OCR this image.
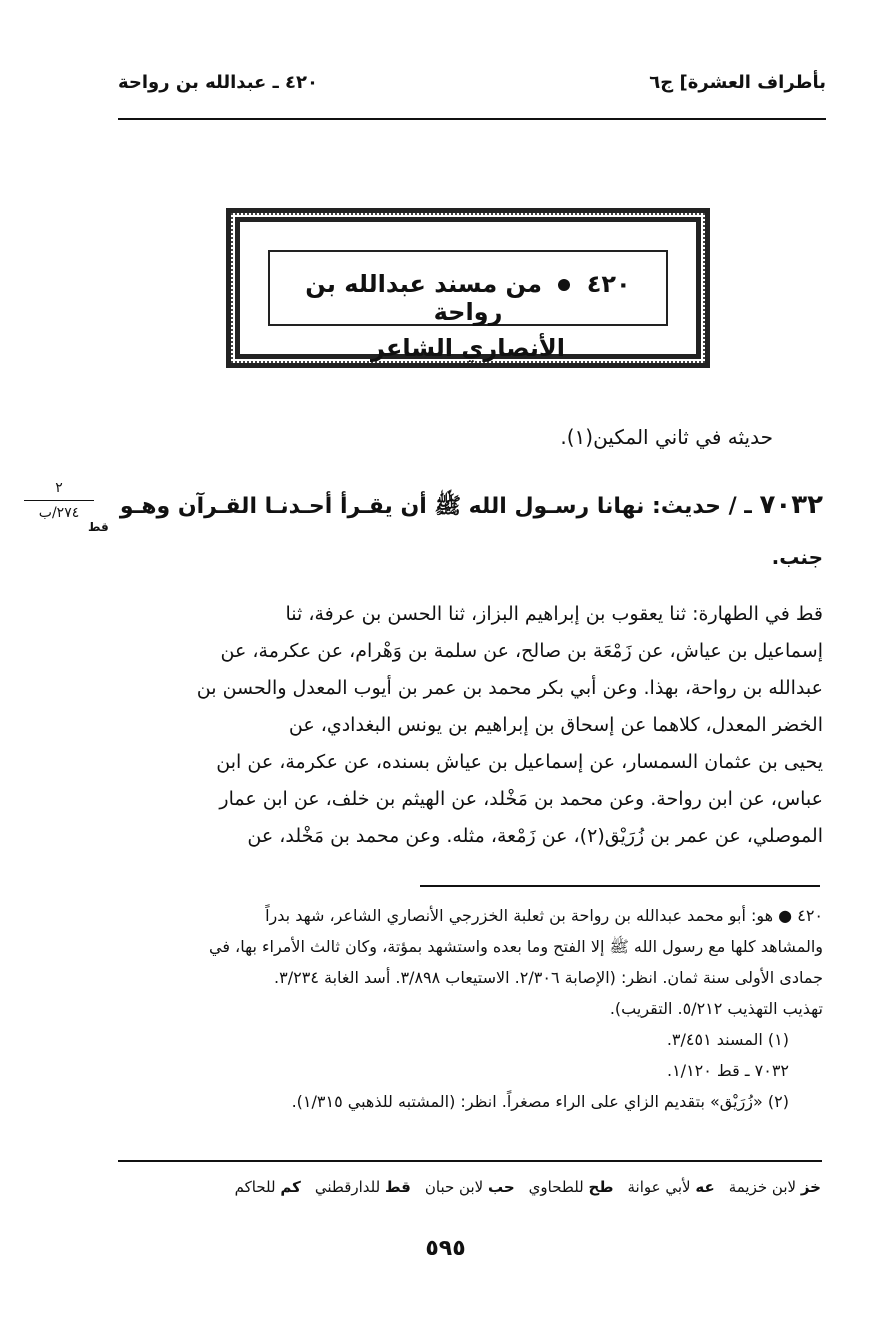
بأطراف العشرة] ج٦
٤٢٠ ـ عبدالله بن رواحة
٤٢٠  من مسند عبدالله بن رواحة
الأنصاري الشاعر
حديثه في ثاني المكين(١).
٧٠٣٢ ـ / حديث: نهانا رسـول الله ﷺ أن يقـرأ أحـدنـا القـرآن وهـو
قط
جنب.
٢
٢٧٤/ب

قط في الطهارة: ثنا يعقوب بن إبراهيم البزاز، ثنا الحسن بن عرفة، ثنا

إسماعيل بن عياش، عن زَمْعَة بن صالح، عن سلمة بن وَهْرام، عن عكرمة، عن

عبدالله بن رواحة، بهذا. وعن أبي بكر محمد بن عمر بن أيوب المعدل والحسن بن

الخضر المعدل، كلاهما عن إسحاق بن إبراهيم بن يونس البغدادي، عن

يحيى بن عثمان السمسار، عن إسماعيل بن عياش بسنده، عن عكرمة، عن ابن

عباس، عن ابن رواحة. وعن محمد بن مَخْلد، عن الهيثم بن خلف، عن ابن عمار

الموصلي، عن عمر بن زُرَيْق(٢)، عن زَمْعة، مثله. وعن محمد بن مَخْلد، عن

٤٢٠ ● هو: أبو محمد عبدالله بن رواحة بن ثعلبة الخزرجي الأنصاري الشاعر، شهد بدراً

والمشاهد كلها مع رسول الله ﷺ إلا الفتح وما بعده واستشهد بمؤتة، وكان ثالث الأمراء بها، في

جمادى الأولى سنة ثمان. انظر: (الإصابة ٢/٣٠٦. الاستيعاب ٣/٨٩٨. أسد الغابة ٣/٢٣٤.

تهذيب التهذيب ٥/٢١٢. التقريب).

(١) المسند ٣/٤٥١.

٧٠٣٢ ـ قط ١/١٢٠.

(٢) «زُرَيْق» بتقديم الزاي على الراء مصغراً. انظر: (المشتبه للذهبي ١/٣١٥).

خز لابن خزيمة
عه لأبي عوانة
طح للطحاوي
حب لابن حبان
قط للدارقطني
كم للحاكم
٥٩٥
